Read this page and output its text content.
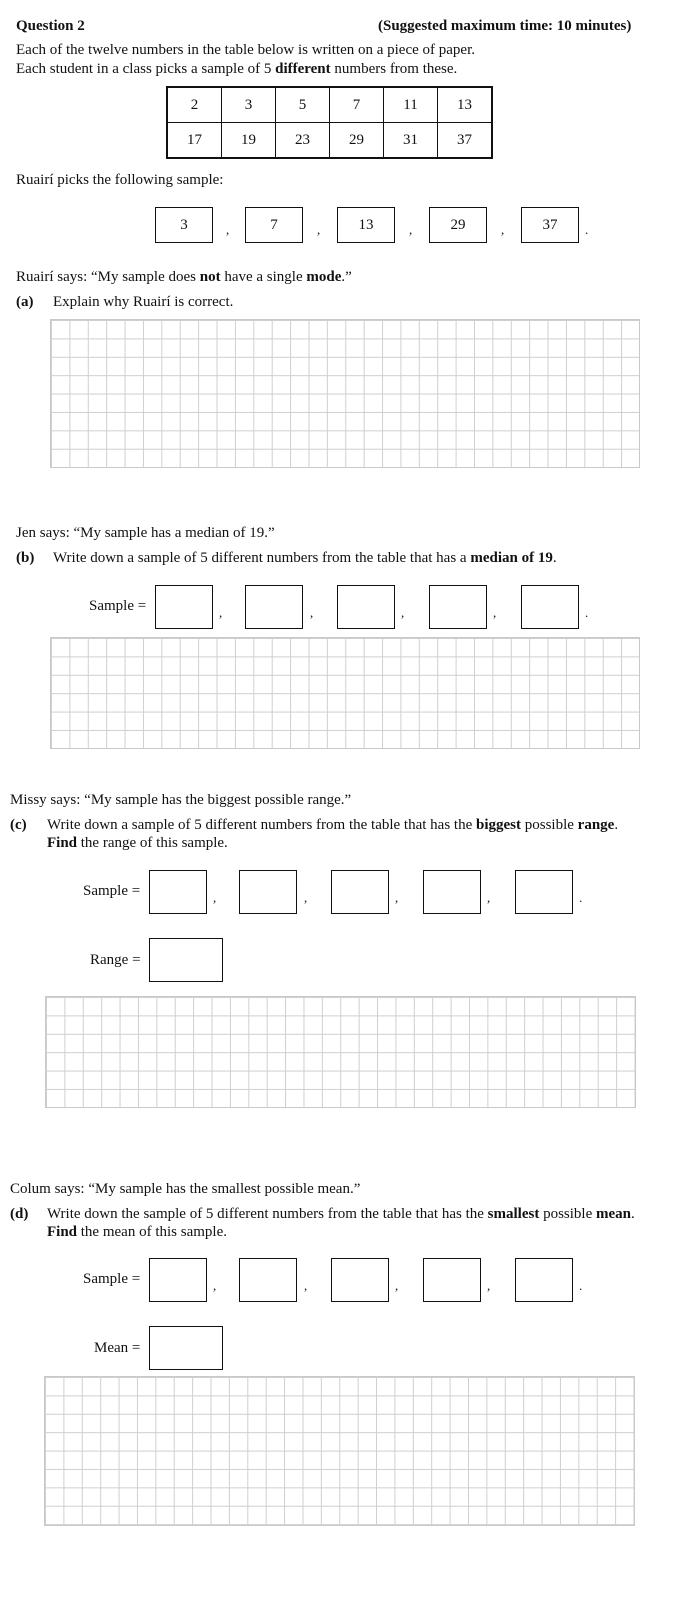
Question 2	(Suggested maximum time: 10 minutes)
Each of the twelve numbers in the table below is written on a piece of paper.
Each student in a class picks a sample of 5 different numbers from these.
2	3	5	7	11	13
17	19	23	29	31	37
Ruairí picks the following sample:
3	,	7	,	13	,	29	,	37	.
Ruairí says: “My sample does not have a single mode.”
(a) Explain why Ruairí is correct.
Jen says: “My sample has a median of 19.”
(b) Write down a sample of 5 different numbers from the table that has a median of 19.
Sample =	,	,	,	,	.
Missy says: “My sample has the biggest possible range.”
(c) Write down a sample of 5 different numbers from the table that has the biggest possible range.
Find the range of this sample.
Sample =	,	,	,	,	.
Range =
Colum says: “My sample has the smallest possible mean.”
(d) Write down the sample of 5 different numbers from the table that has the smallest possible mean.
Find the mean of this sample.
Sample =	,	,	,	,	.
Mean =
